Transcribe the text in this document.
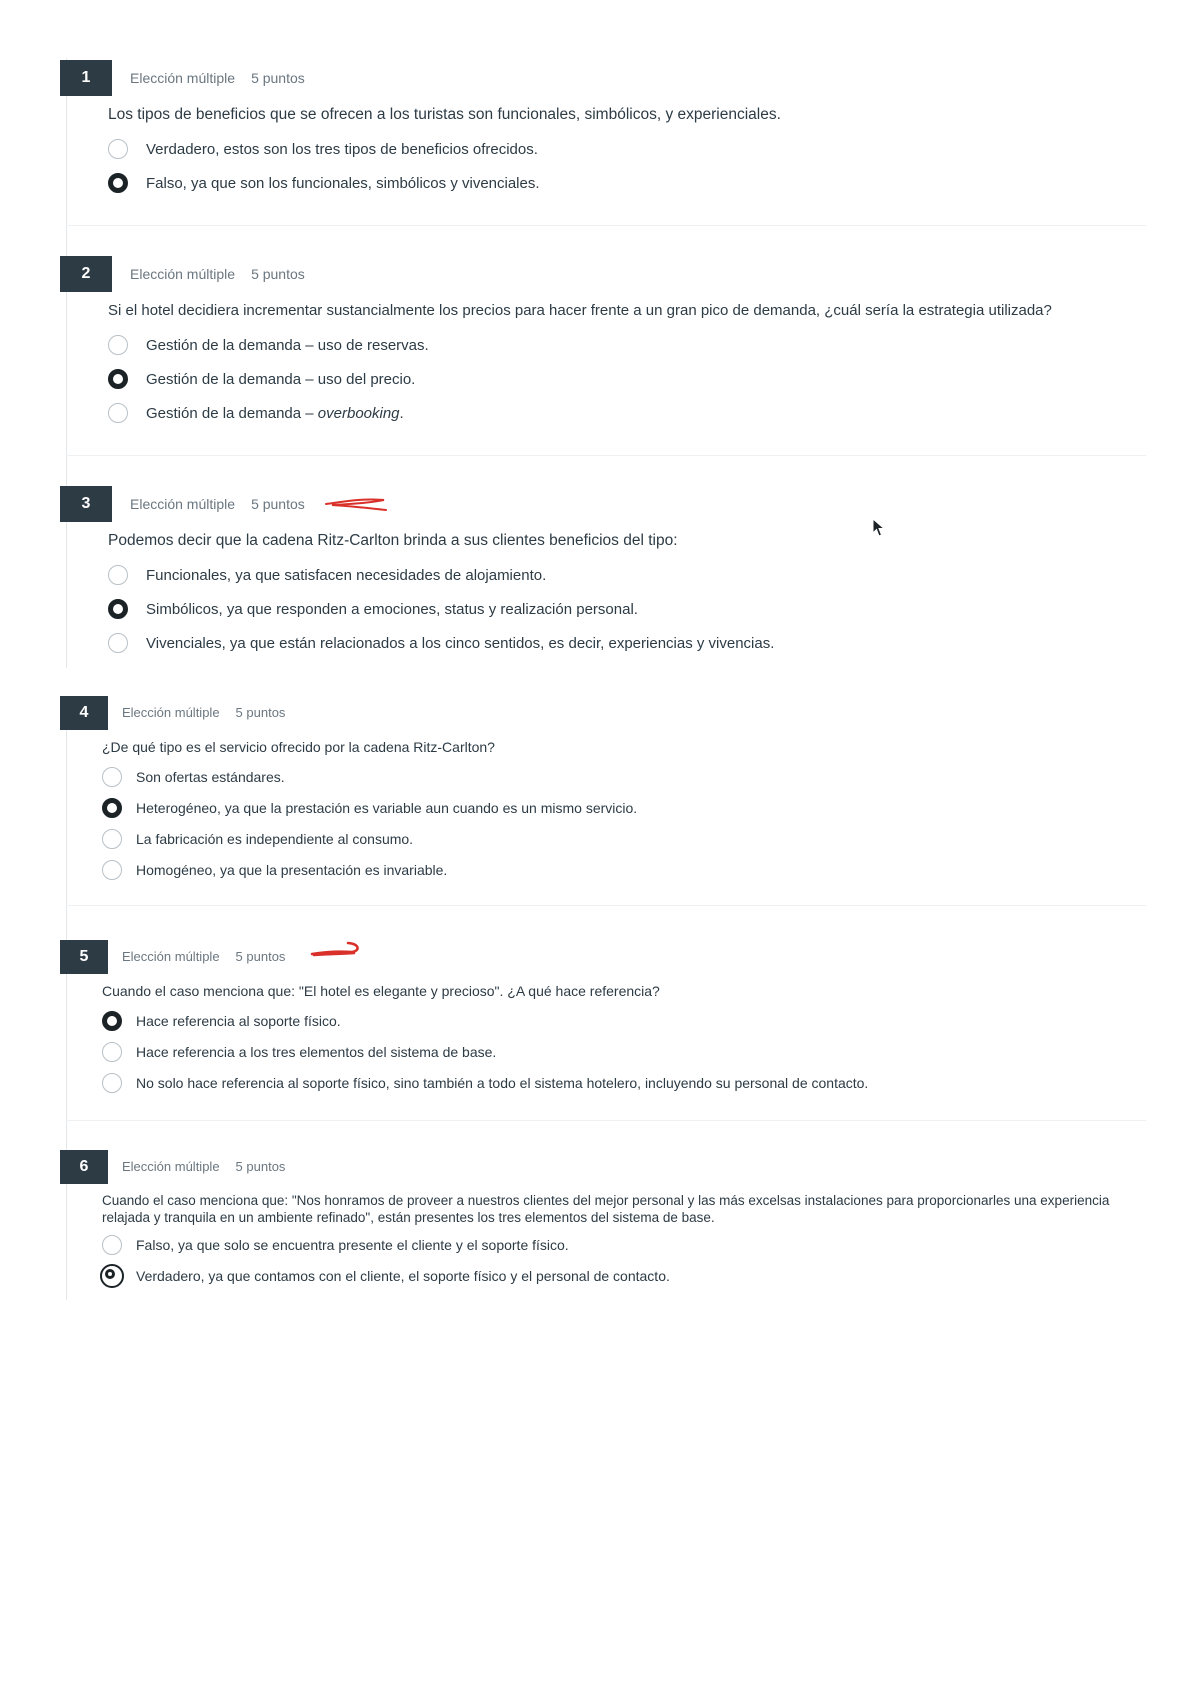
1	Elección múltiple 5 puntos
Los tipos de beneficios que se ofrecen a los turistas son funcionales, simbólicos, y experienciales.
Verdadero, estos son los tres tipos de beneficios ofrecidos.
Falso, ya que son los funcionales, simbólicos y vivenciales.
2	Elección múltiple 5 puntos
Si el hotel decidiera incrementar sustancialmente los precios para hacer frente a un gran pico de demanda, ¿cuál sería la estrategia utilizada?
Gestión de la demanda – uso de reservas.
Gestión de la demanda – uso del precio.
Gestión de la demanda – overbooking.
3	Elección múltiple 5 puntos
Podemos decir que la cadena Ritz-Carlton brinda a sus clientes beneficios del tipo:
Funcionales, ya que satisfacen necesidades de alojamiento.
Simbólicos, ya que responden a emociones, status y realización personal.
Vivenciales, ya que están relacionados a los cinco sentidos, es decir, experiencias y vivencias.
4	Elección múltiple 5 puntos
¿De qué tipo es el servicio ofrecido por la cadena Ritz-Carlton?
Son ofertas estándares.
Heterogéneo, ya que la prestación es variable aun cuando es un mismo servicio.
La fabricación es independiente al consumo.
Homogéneo, ya que la presentación es invariable.
5	Elección múltiple 5 puntos
Cuando el caso menciona que: "El hotel es elegante y precioso". ¿A qué hace referencia?
Hace referencia al soporte físico.
Hace referencia a los tres elementos del sistema de base.
No solo hace referencia al soporte físico, sino también a todo el sistema hotelero, incluyendo su personal de contacto.
6	Elección múltiple 5 puntos
Cuando el caso menciona que: "Nos honramos de proveer a nuestros clientes del mejor personal y las más excelsas instalaciones para proporcionarles una experiencia relajada y tranquila en un ambiente refinado", están presentes los tres elementos del sistema de base.
Falso, ya que solo se encuentra presente el cliente y el soporte físico.
Verdadero, ya que contamos con el cliente, el soporte físico y el personal de contacto.
